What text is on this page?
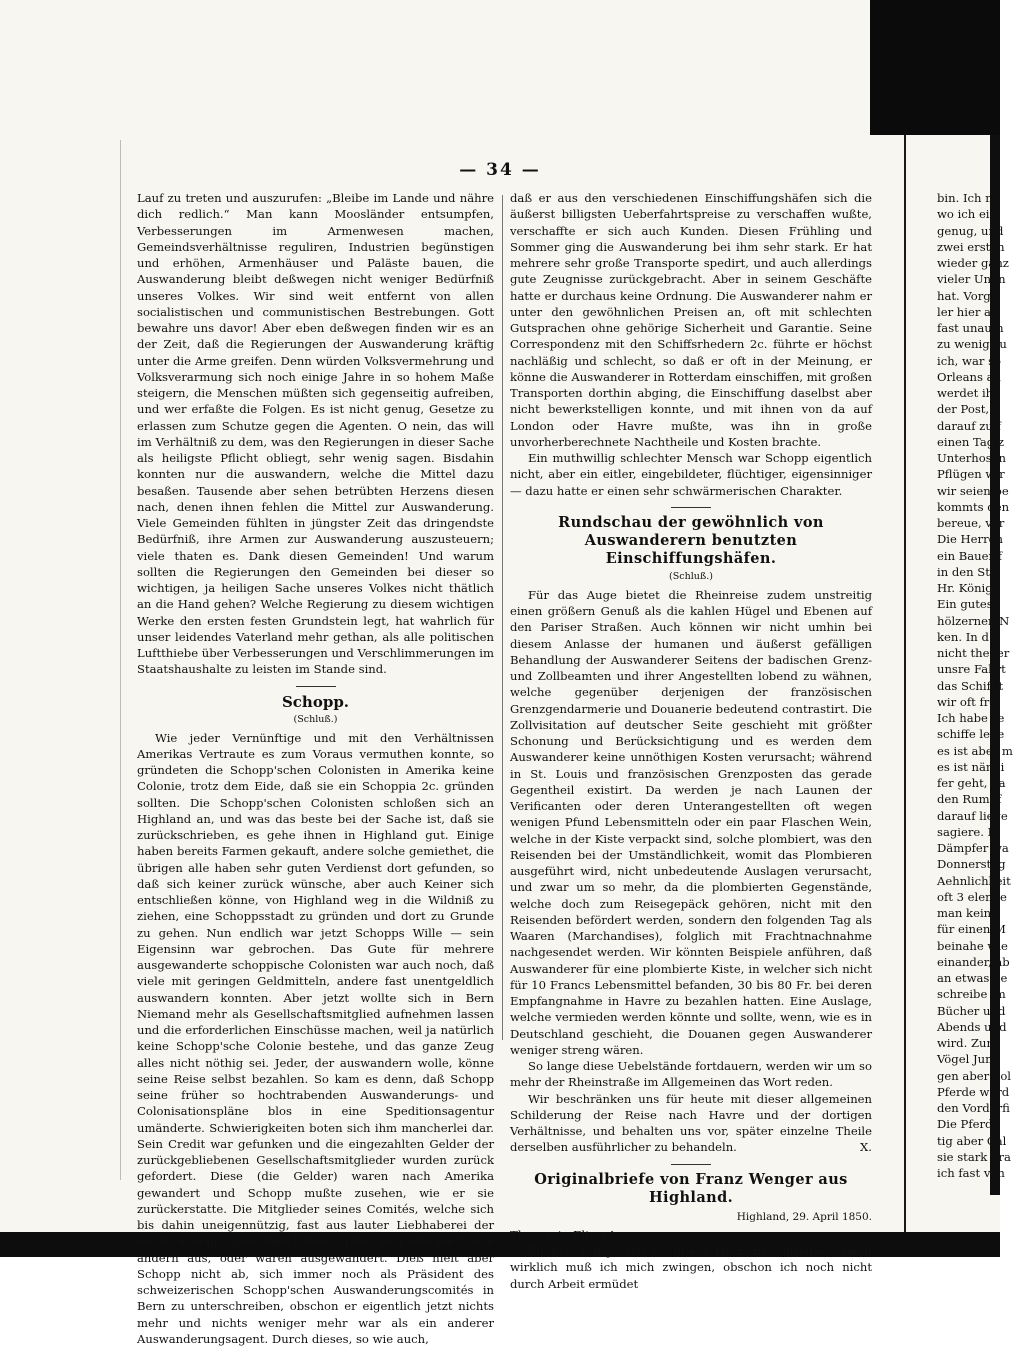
— 34 —

Lauf zu treten und auszurufen: „Bleibe im Lande und nähre dich redlich.“ Man kann Moosländer entsumpfen, Verbesserungen im Armenwesen machen, Gemeindsverhältnisse reguliren, Industrien begünstigen und erhöhen, Armenhäuser und Paläste bauen, die Auswanderung bleibt deßwegen nicht weniger Bedürfniß unseres Volkes. Wir sind weit entfernt von allen socialistischen und communistischen Bestrebungen. Gott bewahre uns davor! Aber eben deßwegen finden wir es an der Zeit, daß die Regierungen der Auswanderung kräftig unter die Arme greifen. Denn würden Volksvermehrung und Volksverarmung sich noch einige Jahre in so hohem Maße steigern, die Menschen müßten sich gegenseitig aufreiben, und wer erfaßte die Folgen. Es ist nicht genug, Gesetze zu erlassen zum Schutze gegen die Agenten. O nein, das will im Verhältniß zu dem, was den Regierungen in dieser Sache als heiligste Pflicht obliegt, sehr wenig sagen. Bisdahin konnten nur die auswandern, welche die Mittel dazu besaßen. Tausende aber sehen betrübten Herzens diesen nach, denen ihnen fehlen die Mittel zur Auswanderung. Viele Gemeinden fühlten in jüngster Zeit das dringendste Bedürfniß, ihre Armen zur Auswanderung auszusteuern; viele thaten es. Dank diesen Gemeinden! Und warum sollten die Regierungen den Gemeinden bei dieser so wichtigen, ja heiligen Sache unseres Volkes nicht thätlich an die Hand gehen? Welche Regierung zu diesem wichtigen Werke den ersten festen Grundstein legt, hat wahrlich für unser leidendes Vaterland mehr gethan, als alle politischen Luftthiebe über Verbesserungen und Verschlimmerungen im Staatshaushalte zu leisten im Stande sind.

Schopp.
(Schluß.)

Wie jeder Vernünftige und mit den Verhältnissen Amerikas Vertraute es zum Voraus vermuthen konnte, so gründeten die Schopp'schen Colonisten in Amerika keine Colonie, trotz dem Eide, daß sie ein Schoppia 2c. gründen sollten. Die Schopp'schen Colonisten schloßen sich an Highland an, und was das beste bei der Sache ist, daß sie zurückschrieben, es gehe ihnen in Highland gut. Einige haben bereits Farmen gekauft, andere solche gemiethet, die übrigen alle haben sehr guten Verdienst dort gefunden, so daß sich keiner zurück wünsche, aber auch Keiner sich entschließen könne, von Highland weg in die Wildniß zu ziehen, eine Schoppsstadt zu gründen und dort zu Grunde zu gehen. Nun endlich war jetzt Schopps Wille — sein Eigensinn war gebrochen. Das Gute für mehrere ausgewanderte schoppische Colonisten war auch noch, daß viele mit geringen Geldmitteln, andere fast unentgeldlich auswandern konnten. Aber jetzt wollte sich in Bern Niemand mehr als Gesellschaftsmitglied aufnehmen lassen und die erforderlichen Einschüsse machen, weil ja natürlich keine Schopp'sche Colonie bestehe, und das ganze Zeug alles nicht nöthig sei. Jeder, der auswandern wolle, könne seine Reise selbst bezahlen. So kam es denn, daß Schopp seine früher so hochtrabenden Auswanderungs- und Colonisationspläne blos in eine Speditionsagentur umänderte. Schwierigkeiten boten sich ihm mancherlei dar. Sein Credit war gefunken und die eingezahlten Gelder der zurückgebliebenen Gesellschaftsmitglieder wurden zurück gefordert. Diese (die Gelder) waren nach Amerika gewandert und Schopp mußte zusehen, wie er sie zurückerstatte. Die Mitglieder seines Comités, welche sich bis dahin uneigennützig, fast aus lauter Liebhaberei der Sache Schopps gewidmet hatten, traten nun eins nach dem andern aus, oder waren ausgewandert. Dieß hielt aber Schopp nicht ab, sich immer noch als Präsident des schweizerischen Schopp'schen Auswanderungscomités in Bern zu unterschreiben, obschon er eigentlich jetzt nichts mehr und nichts weniger mehr war als ein anderer Auswanderungsagent. Durch dieses, so wie auch,

daß er aus den verschiedenen Einschiffungshäfen sich die äußerst billigsten Ueberfahrtspreise zu verschaffen wußte, verschaffte er sich auch Kunden. Diesen Frühling und Sommer ging die Auswanderung bei ihm sehr stark. Er hat mehrere sehr große Transporte spedirt, und auch allerdings gute Zeugnisse zurückgebracht. Aber in seinem Geschäfte hatte er durchaus keine Ordnung. Die Auswanderer nahm er unter den gewöhnlichen Preisen an, oft mit schlechten Gutsprachen ohne gehörige Sicherheit und Garantie. Seine Correspondenz mit den Schiffsrhedern 2c. führte er höchst nachläßig und schlecht, so daß er oft in der Meinung, er könne die Auswanderer in Rotterdam einschiffen, mit großen Transporten dorthin abging, die Einschiffung daselbst aber nicht bewerkstelligen konnte, und mit ihnen von da auf London oder Havre mußte, was ihn in große unvorherberechnete Nachtheile und Kosten brachte.

Ein muthwillig schlechter Mensch war Schopp eigentlich nicht, aber ein eitler, eingebildeter, flüchtiger, eigensinniger — dazu hatte er einen sehr schwärmerischen Charakter.

Rundschau der gewöhnlich von Auswanderern benutzten Einschiffungshäfen.
(Schluß.)

Für das Auge bietet die Rheinreise zudem unstreitig einen größern Genuß als die kahlen Hügel und Ebenen auf den Pariser Straßen. Auch können wir nicht umhin bei diesem Anlasse der humanen und äußerst gefälligen Behandlung der Auswanderer Seitens der badischen Grenz- und Zollbeamten und ihrer Angestellten lobend zu wähnen, welche gegenüber derjenigen der französischen Grenzgendarmerie und Douanerie bedeutend contrastirt. Die Zollvisitation auf deutscher Seite geschieht mit größter Schonung und Berücksichtigung und es werden dem Auswanderer keine unnöthigen Kosten verursacht; während in St. Louis und französischen Grenzposten das gerade Gegentheil existirt. Da werden je nach Launen der Verificanten oder deren Unterangestellten oft wegen wenigen Pfund Lebensmitteln oder ein paar Flaschen Wein, welche in der Kiste verpackt sind, solche plombiert, was den Reisenden bei der Umständlichkeit, womit das Plombieren ausgeführt wird, nicht unbedeutende Auslagen verursacht, und zwar um so mehr, da die plombierten Gegenstände, welche doch zum Reisegepäck gehören, nicht mit den Reisenden befördert werden, sondern den folgenden Tag als Waaren (Marchandises), folglich mit Frachtnachnahme nachgesendet werden. Wir könnten Beispiele anführen, daß Auswanderer für eine plombierte Kiste, in welcher sich nicht für 10 Francs Lebensmittel befanden, 30 bis 80 Fr. bei deren Empfangnahme in Havre zu bezahlen hatten. Eine Auslage, welche vermieden werden könnte und sollte, wenn, wie es in Deutschland geschieht, die Douanen gegen Auswanderer weniger streng wären.

So lange diese Uebelstände fortdauern, werden wir um so mehr der Rheinstraße im Allgemeinen das Wort reden.

Wir beschränken uns für heute mit dieser allgemeinen Schilderung der Reise nach Havre und der dortigen Verhältnisse, und behalten uns vor, später einzelne Theile derselben ausführlicher zu behandeln.	X.

Originalbriefe von Franz Wenger aus Highland.
Highland, 29. April 1850.

Theuerste Eltern!

Endlich bringe ich es übers Herz zu schreiben, denn wirklich muß ich mich zwingen, obschon ich noch nicht durch Arbeit ermüdet

bin. Ich n
wo ich ein
genug, und
zwei ersten
wieder ganz
vieler Unan
hat. Vorge
ler hier an
fast unaufh
zu wenig zu
ich, war so
Orleans au
werdet ihr
der Post, o
darauf zu f
einen Tag z
Unterhosen
Pflügen wir
wir seien be
kommts den
bereue, ver
Die Herren
ein Bauer f
in den Stie
Hr. König)
Ein gutes
hölzernen N
ken. In d
nicht theuer
unsre Fahrt
das Schiff t
wir oft fre
Ich habe se
schiffe lege
es ist aber m
es ist nämli
fer geht, da
den Rumpf
darauf liege
sagiere. In
Dämpfer wa
Donnerstag
Aehnlichkeit
oft 3 elende
man keine
für einen M
beinahe wie
einander, ab
an etwas de
schreibe im
Bücher und
Abends und
wird. Zum
Vögel Jung
gen aber hol
Pferde werd
den Vorderfi
Die Pferde
tig aber Cal
sie stark bra
ich fast von
